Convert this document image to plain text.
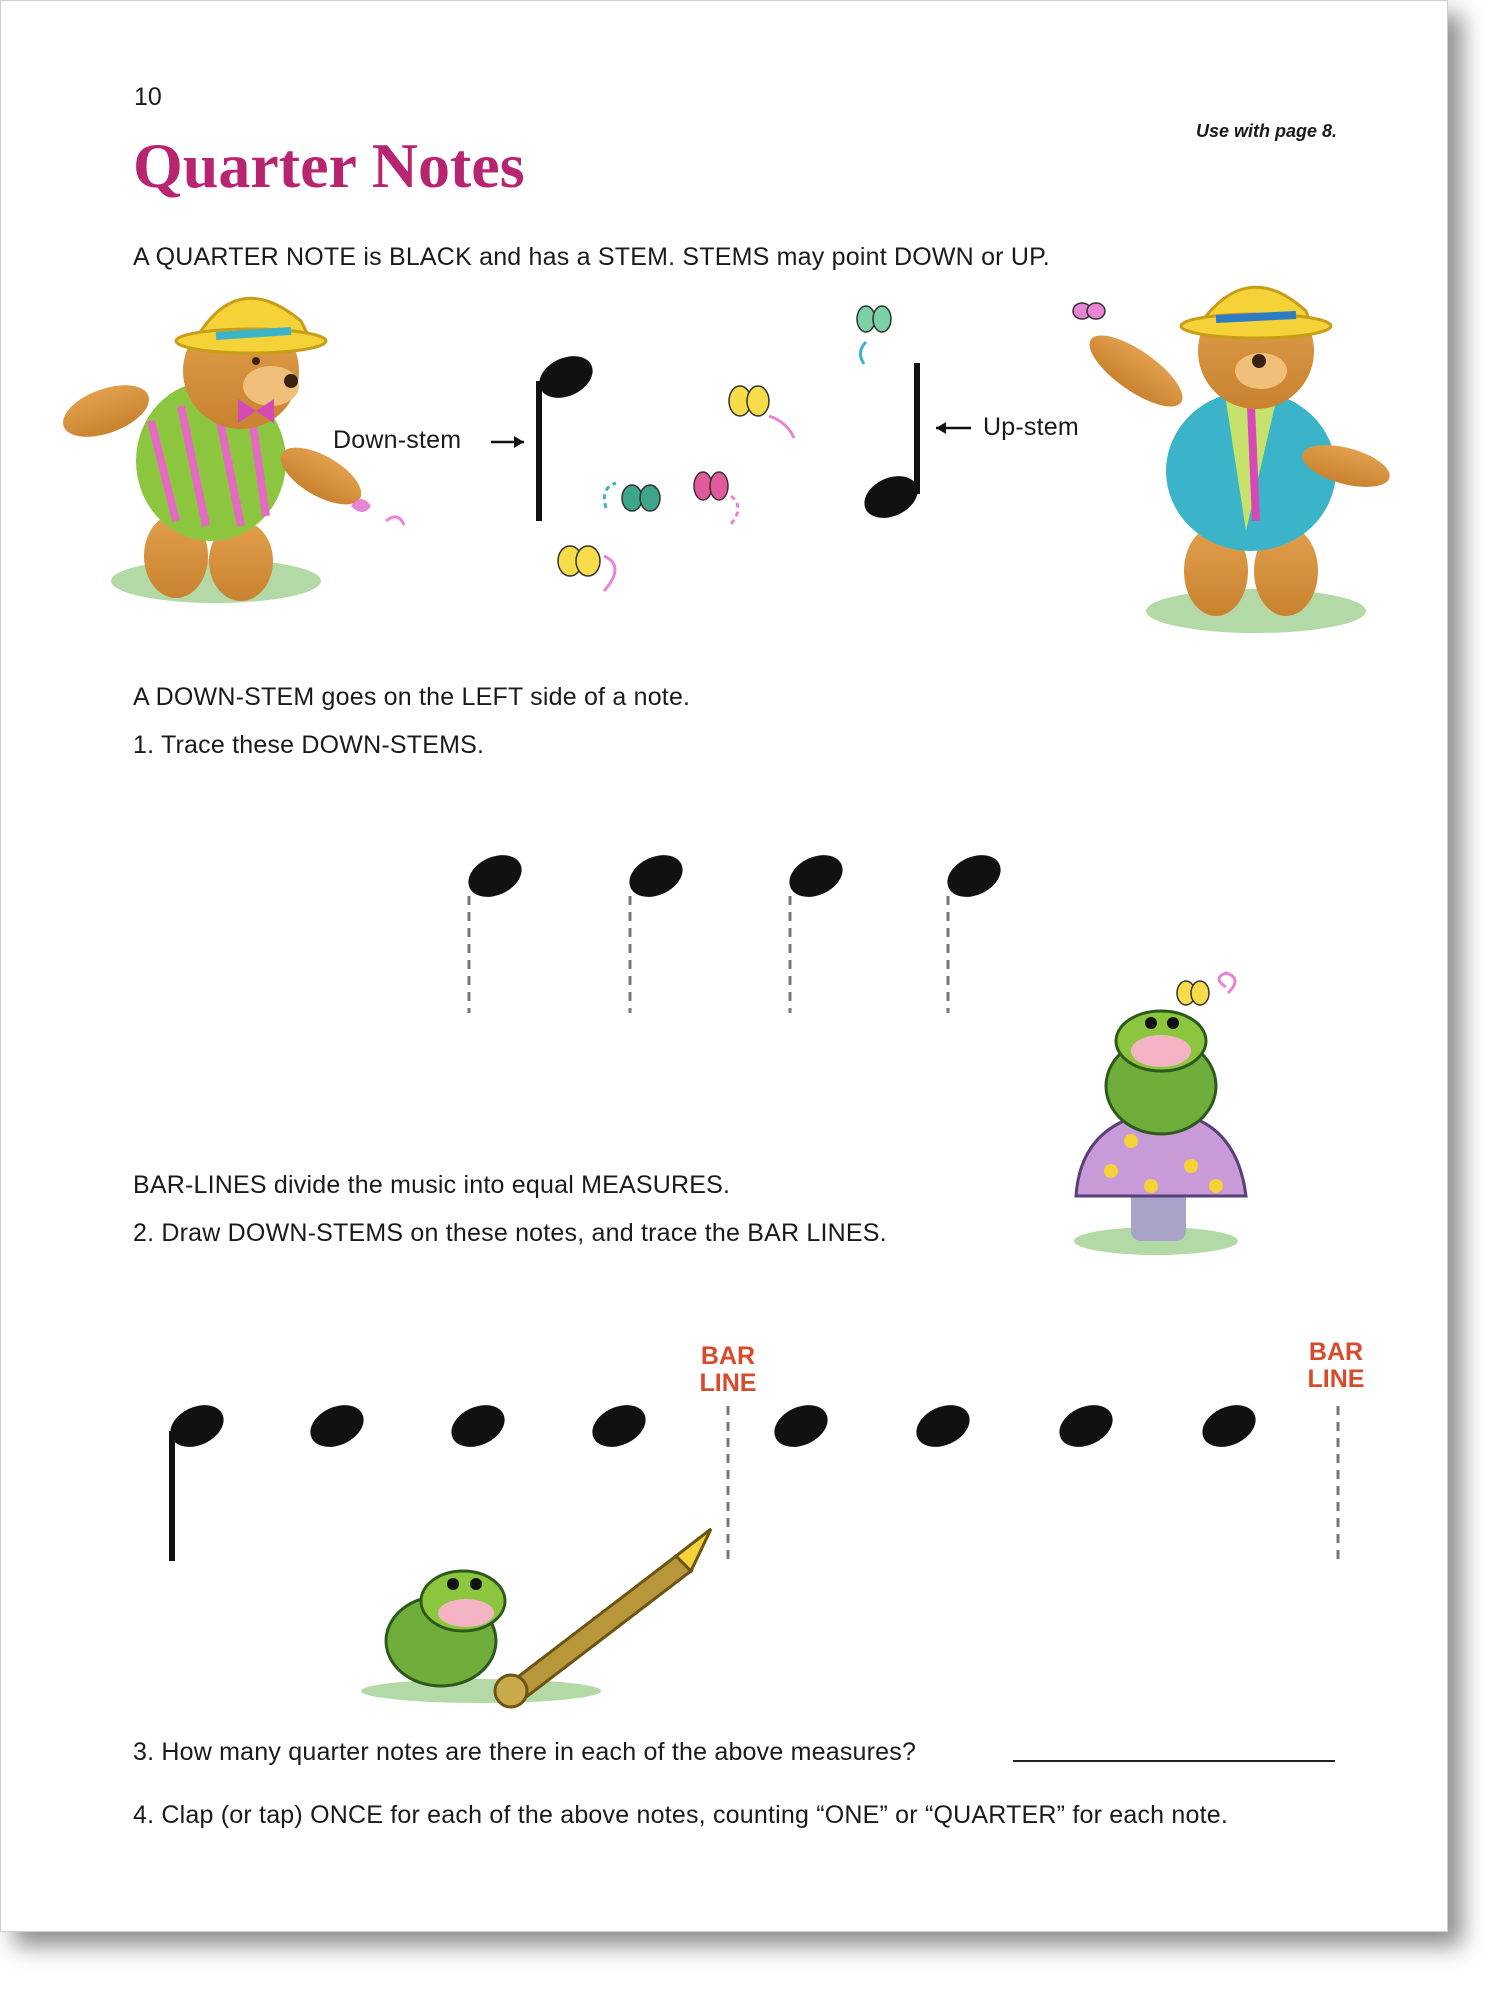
10
Use with page 8.
Quarter Notes
A QUARTER NOTE is BLACK and has a STEM. STEMS may point DOWN or UP.
Down-stem	Up-stem
A DOWN-STEM goes on the LEFT side of a note.
1. Trace these DOWN-STEMS.
BAR-LINES divide the music into equal MEASURES.
2. Draw DOWN-STEMS on these notes, and trace the BAR LINES.
BAR
LINE
BAR
LINE
3. How many quarter notes are there in each of the above measures?
4. Clap (or tap) ONCE for each of the above notes, counting “ONE” or “QUARTER” for each note.
